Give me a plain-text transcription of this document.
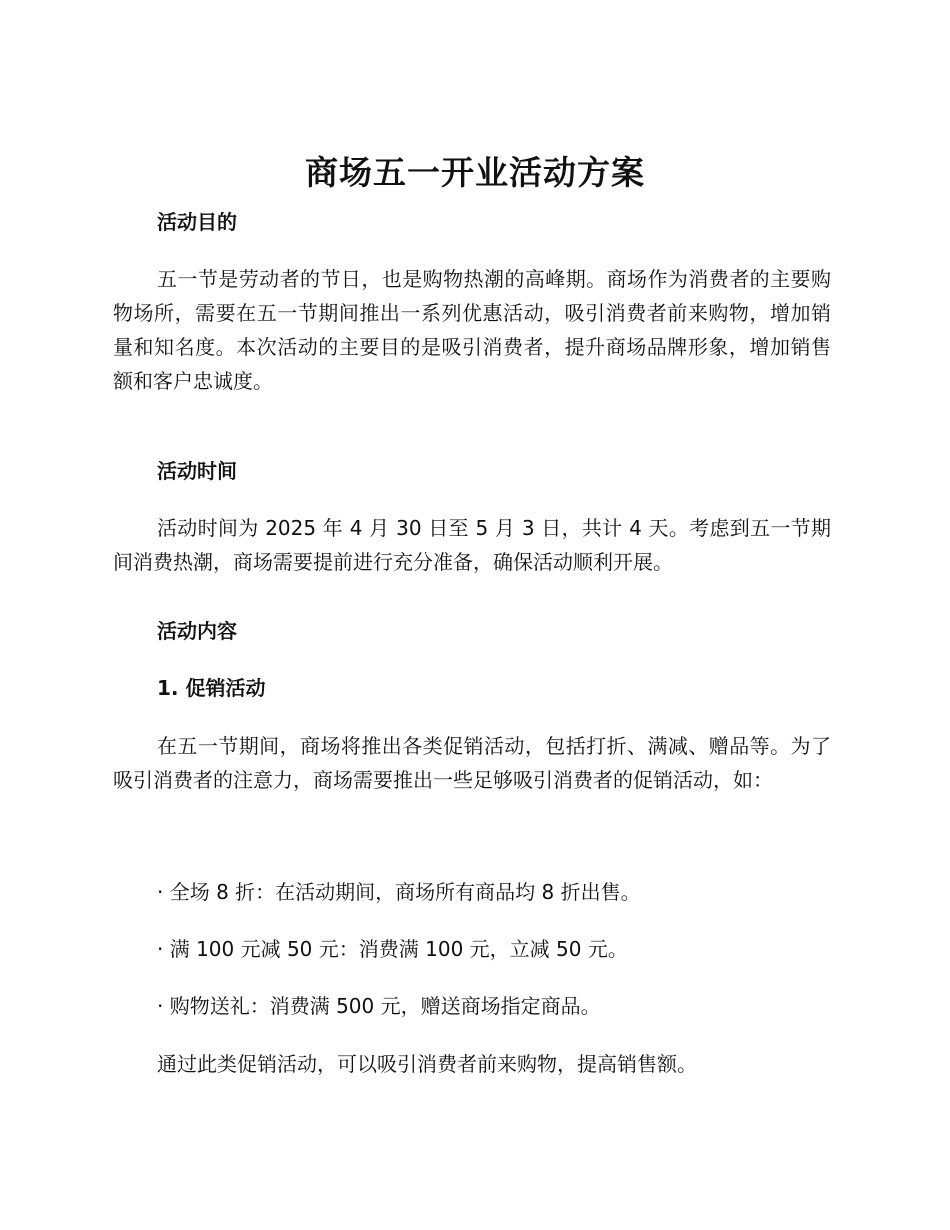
商场五一开业活动方案
活动目的
五一节是劳动者的节日，也是购物热潮的高峰期。商场作为消费者的主要购物场所，需要在五一节期间推出一系列优惠活动，吸引消费者前来购物，增加销量和知名度。本次活动的主要目的是吸引消费者，提升商场品牌形象，增加销售额和客户忠诚度。
活动时间
活动时间为 2025 年 4 月 30 日至 5 月 3 日，共计 4 天。考虑到五一节期间消费热潮，商场需要提前进行充分准备，确保活动顺利开展。
活动内容
1. 促销活动
在五一节期间，商场将推出各类促销活动，包括打折、满减、赠品等。为了吸引消费者的注意力，商场需要推出一些足够吸引消费者的促销活动，如：
· 全场 8 折：在活动期间，商场所有商品均 8 折出售。
· 满 100 元减 50 元：消费满 100 元，立减 50 元。
· 购物送礼：消费满 500 元，赠送商场指定商品。
通过此类促销活动，可以吸引消费者前来购物，提高销售额。
